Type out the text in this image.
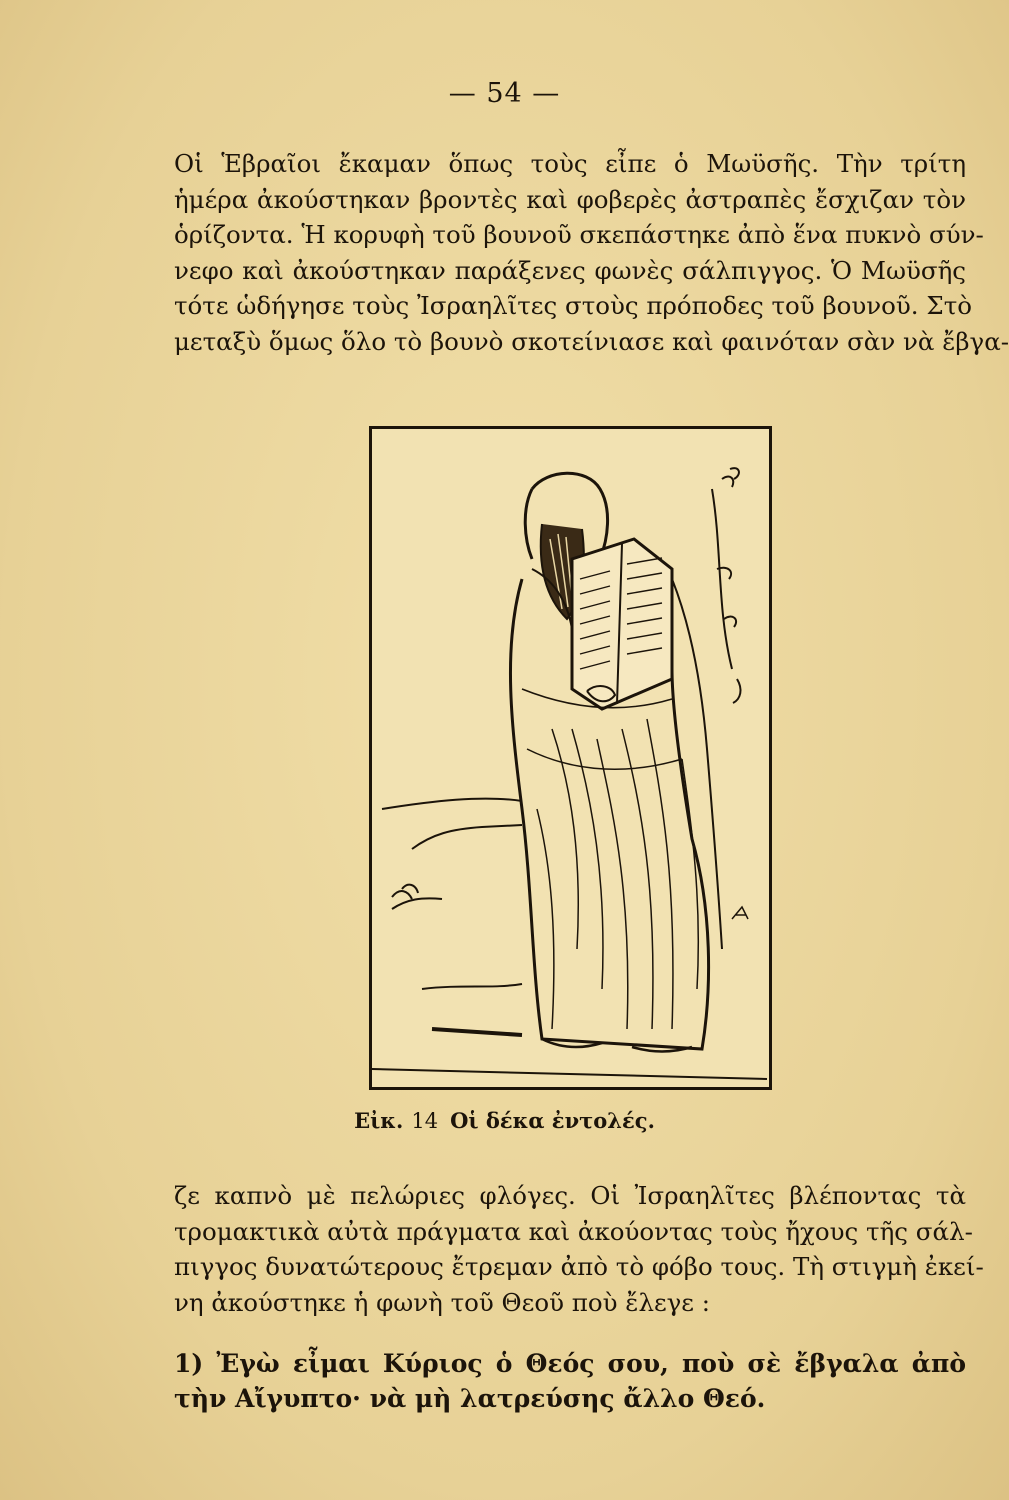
— 54 —
Οἱ Ἑβραῖοι ἔκαμαν ὅπως τοὺς εἶπε ὁ Μωϋσῆς. Τὴν τρίτη
ἡμέρα ἀκούστηκαν βροντὲς καὶ φοβερὲς ἀστραπὲς ἔσχιζαν τὸν
ὁρίζοντα. Ἡ κορυφὴ τοῦ βουνοῦ σκεπάστηκε ἀπὸ ἕνα πυκνὸ σύν-
νεφο καὶ ἀκούστηκαν παράξενες φωνὲς σάλπιγγος. Ὁ Μωϋσῆς
τότε ὡδήγησε τοὺς Ἰσραηλῖτες στοὺς πρόποδες τοῦ βουνοῦ. Στὸ
μεταξὺ ὅμως ὅλο τὸ βουνὸ σκοτείνιασε καὶ φαινόταν σὰν νὰ ἔβγα-
Εἰκ. 14 Οἱ δέκα ἐντολές.
ζε καπνὸ μὲ πελώριες φλόγες. Οἱ Ἰσραηλῖτες βλέποντας τὰ
τρομακτικὰ αὐτὰ πράγματα καὶ ἀκούοντας τοὺς ἤχους τῆς σάλ-
πιγγος δυνατώτερους ἔτρεμαν ἀπὸ τὸ φόβο τους. Τὴ στιγμὴ ἐκεί-
νη ἀκούστηκε ἡ φωνὴ τοῦ Θεοῦ ποὺ ἔλεγε :
1) Ἐγὼ εἶμαι Κύριος ὁ Θεός σου, ποὺ σὲ ἔβγαλα ἀπὸ
τὴν Αἴγυπτο· νὰ μὴ λατρεύσης ἄλλο Θεό.
